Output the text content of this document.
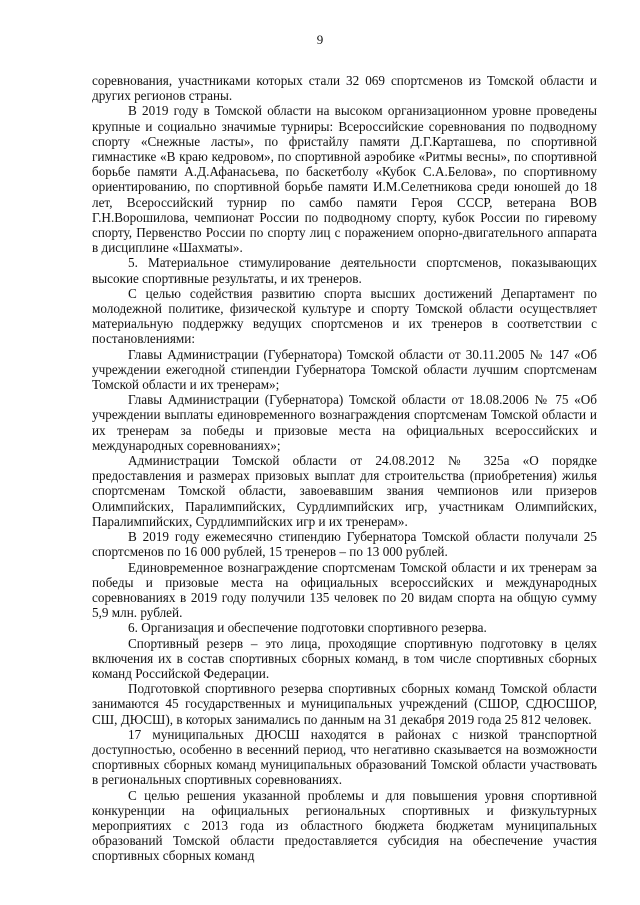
9

соревнования, участниками которых стали 32 069 спортсменов из Томской области и других регионов страны.

В 2019 году в Томской области на высоком организационном уровне проведены крупные и социально значимые турниры: Всероссийские соревнования по подводному спорту «Снежные ласты», по фристайлу памяти Д.Г.Карташева, по спортивной гимнастике «В краю кедровом», по спортивной аэробике «Ритмы весны», по спортивной борьбе памяти А.Д.Афанасьева, по баскетболу «Кубок С.А.Белова», по спортивному ориентированию, по спортивной борьбе памяти И.М.Селетникова среди юношей до 18 лет, Всероссийский турнир по самбо памяти Героя СССР, ветерана ВОВ Г.Н.Ворошилова, чемпионат России по подводному спорту, кубок России по гиревому спорту, Первенство России по спорту лиц с поражением опорно-двигательного аппарата в дисциплине «Шахматы».

5. Материальное стимулирование деятельности спортсменов, показывающих высокие спортивные результаты, и их тренеров.

С целью содействия развитию спорта высших достижений Департамент по молодежной политике, физической культуре и спорту Томской области осуществляет материальную поддержку ведущих спортсменов и их тренеров в соответствии с постановлениями:

Главы Администрации (Губернатора) Томской области от 30.11.2005 № 147 «Об учреждении ежегодной стипендии Губернатора Томской области лучшим спортсменам Томской области и их тренерам»;

Главы Администрации (Губернатора) Томской области от 18.08.2006 № 75 «Об учреждении выплаты единовременного вознаграждения спортсменам Томской области и их тренерам за победы и призовые места на официальных всероссийских и международных соревнованиях»;

Администрации Томской области от 24.08.2012 № 325а «О порядке предоставления и размерах призовых выплат для строительства (приобретения) жилья спортсменам Томской области, завоевавшим звания чемпионов или призеров Олимпийских, Паралимпийских, Сурдлимпийских игр, участникам Олимпийских, Паралимпийских, Сурдлимпийских игр и их тренерам».

В 2019 году ежемесячно стипендию Губернатора Томской области получали 25 спортсменов по 16 000 рублей, 15 тренеров – по 13 000 рублей.

Единовременное вознаграждение спортсменам Томской области и их тренерам за победы и призовые места на официальных всероссийских и международных соревнованиях в 2019 году получили 135 человек по 20 видам спорта на общую сумму 5,9 млн. рублей.

6. Организация и обеспечение подготовки спортивного резерва.

Спортивный резерв – это лица, проходящие спортивную подготовку в целях включения их в состав спортивных сборных команд, в том числе спортивных сборных команд Российской Федерации.

Подготовкой спортивного резерва спортивных сборных команд Томской области занимаются 45 государственных и муниципальных учреждений (СШОР, СДЮСШОР, СШ, ДЮСШ), в которых занимались по данным на 31 декабря 2019 года 25 812 человек.

17 муниципальных ДЮСШ находятся в районах с низкой транспортной доступностью, особенно в весенний период, что негативно сказывается на возможности спортивных сборных команд муниципальных образований Томской области участвовать в региональных спортивных соревнованиях.

С целью решения указанной проблемы и для повышения уровня спортивной конкуренции на официальных региональных спортивных и физкультурных мероприятиях с 2013 года из областного бюджета бюджетам муниципальных образований Томской области предоставляется субсидия на обеспечение участия спортивных сборных команд
